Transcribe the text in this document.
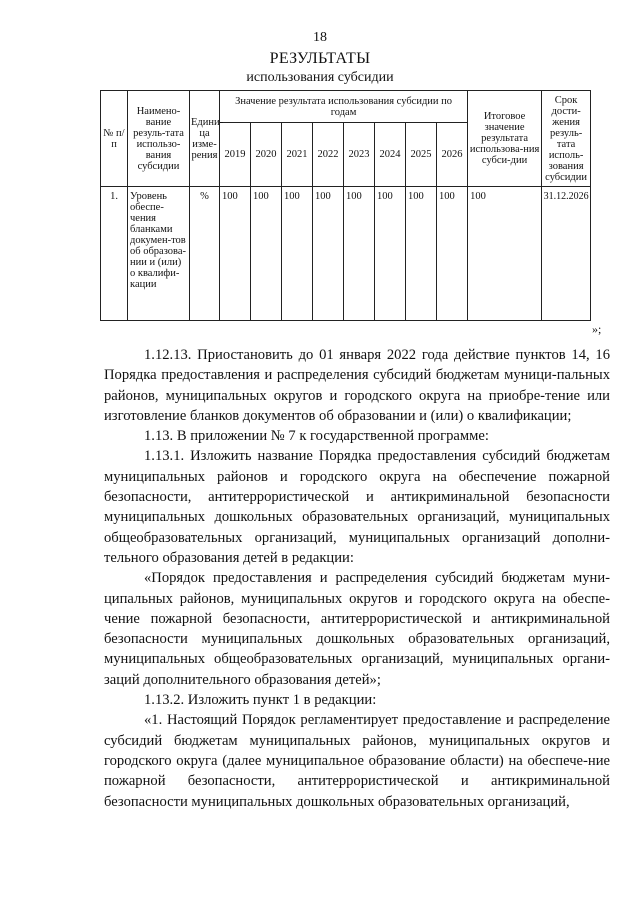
18
РЕЗУЛЬТАТЫ
использования субсидии
№ п/п	Наимено-вание резуль-тата использо-вания субсидии	Едини-ца изме-рения	Значение результата использования субсидии по годам								Итоговое значение результата использова-ния субси-дии	Срок дости-жения резуль-тата исполь-зования субсидии
			2019	2020	2021	2022	2023	2024	2025	2026		
1.	Уровень обеспе-чения бланками докумен-тов об образова-нии и (или) о квалифи-кации	%	100	100	100	100	100	100	100	100	100	31.12.2026
»;

1.12.13. Приостановить до 01 января 2022 года действие пунктов 14, 16 Порядка предоставления и распределения субсидий бюджетам муници-пальных районов, муниципальных округов и городского округа на приобре-тение или изготовление бланков документов об образовании и (или) о квалификации;

1.13. В приложении № 7 к государственной программе:

1.13.1. Изложить название Порядка предоставления субсидий бюджетам муниципальных районов и городского округа на обеспечение пожарной безопасности, антитеррористической и антикриминальной безопасности муниципальных дошкольных образовательных организаций, муниципальных общеобразовательных организаций, муниципальных организаций дополни-тельного образования детей в редакции:

«Порядок предоставления и распределения субсидий бюджетам муни-ципальных районов, муниципальных округов и городского округа на обеспе-чение пожарной безопасности, антитеррористической и антикриминальной безопасности муниципальных дошкольных образовательных организаций, муниципальных общеобразовательных организаций, муниципальных органи-заций дополнительного образования детей»;

1.13.2. Изложить пункт 1 в редакции:

«1. Настоящий Порядок регламентирует предоставление и распределение субсидий бюджетам муниципальных районов, муниципальных округов и городского округа (далее муниципальное образование области) на обеспече-ние пожарной безопасности, антитеррористической и антикриминальной безопасности муниципальных дошкольных образовательных организаций,
